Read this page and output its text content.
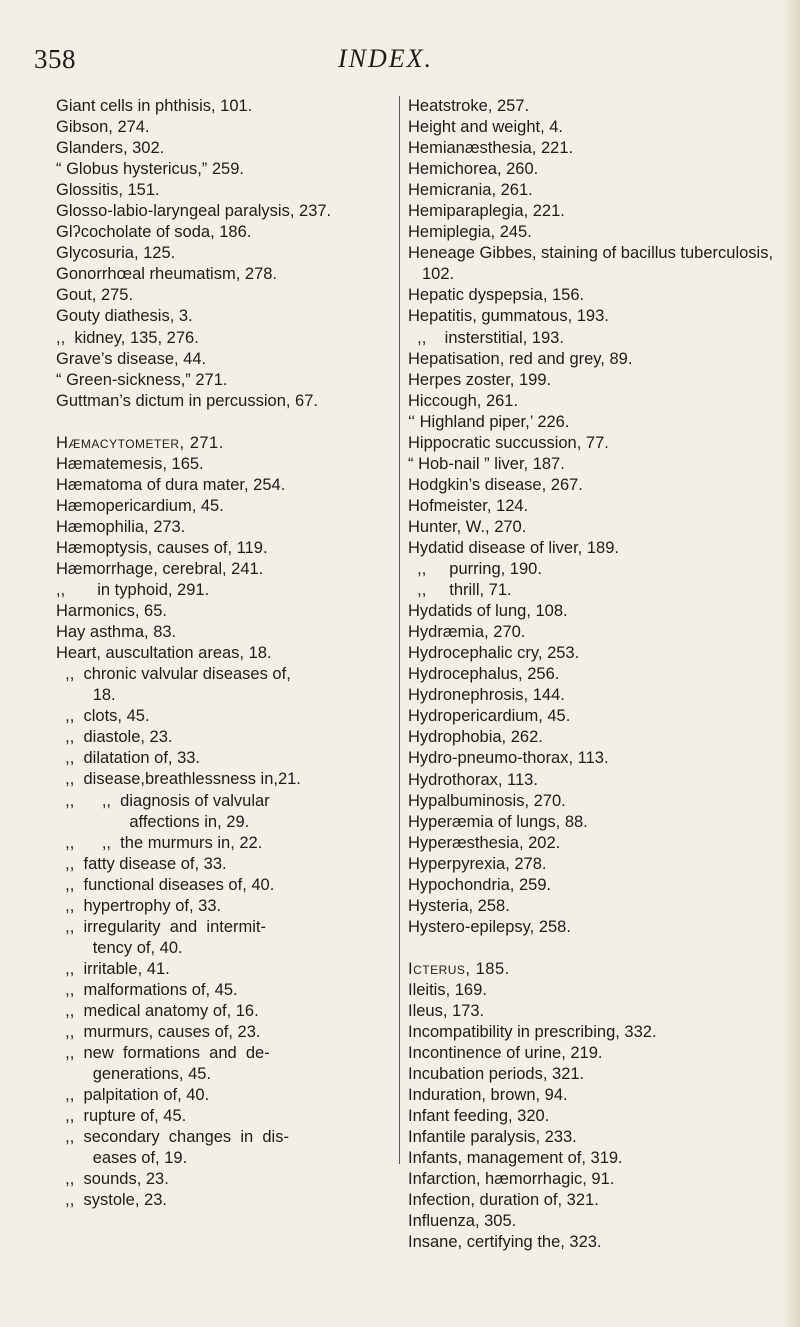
358	INDEX.

Giant cells in phthisis, 101.

Gibson, 274.

Glanders, 302.

“ Globus hystericus,” 259.

Glossitis, 151.

Glosso-labio-laryngeal paralysis, 237.

Glʔcocholate of soda, 186.

Glycosuria, 125.

Gonorrhœal rheumatism, 278.

Gout, 275.

Gouty diathesis, 3.

,,  kidney, 135, 276.

Grave’s disease, 44.

“ Green-sickness,” 271.

Guttman’s dictum in percussion, 67.

Hæmacytometer, 271.

Hæmatemesis, 165.

Hæmatoma of dura mater, 254.

Hæmopericardium, 45.

Hæmophilia, 273.

Hæmoptysis, causes of, 119.

Hæmorrhage, cerebral, 241.

,,       in typhoid, 291.

Harmonics, 65.

Hay asthma, 83.

Heart, auscultation areas, 18.

,,  chronic valvular diseases of,

18.

,,  clots, 45.

,,  diastole, 23.

,,  dilatation of, 33.

,,  disease,breathlessness in,21.

,,      ,,  diagnosis of valvular

affections in, 29.

,,      ,,  the murmurs in, 22.

,,  fatty disease of, 33.

,,  functional diseases of, 40.

,,  hypertrophy of, 33.

,,  irregularity  and  intermit-

tency of, 40.

,,  irritable, 41.

,,  malformations of, 45.

,,  medical anatomy of, 16.

,,  murmurs, causes of, 23.

,,  new  formations  and  de-

generations, 45.

,,  palpitation of, 40.

,,  rupture of, 45.

,,  secondary  changes  in  dis-

eases of, 19.

,,  sounds, 23.

,,  systole, 23.

Heatstroke, 257.

Height and weight, 4.

Hemianæsthesia, 221.

Hemichorea, 260.

Hemicrania, 261.

Hemiparaplegia, 221.

Hemiplegia, 245.

Heneage Gibbes, staining of bacillus tuberculosis, 102.

Hepatic dyspepsia, 156.

Hepatitis, gummatous, 193.

,,    insterstitial, 193.

Hepatisation, red and grey, 89.

Herpes zoster, 199.

Hiccough, 261.

‘‘ Highland piper,’ 226.

Hippocratic succussion, 77.

“ Hob-nail ” liver, 187.

Hodgkin’s disease, 267.

Hofmeister, 124.

Hunter, W., 270.

Hydatid disease of liver, 189.

,,     purring, 190.

,,     thrill, 71.

Hydatids of lung, 108.

Hydræmia, 270.

Hydrocephalic cry, 253.

Hydrocephalus, 256.

Hydronephrosis, 144.

Hydropericardium, 45.

Hydrophobia, 262.

Hydro-pneumo-thorax, 113.

Hydrothorax, 113.

Hypalbuminosis, 270.

Hyperæmia of lungs, 88.

Hyperæsthesia, 202.

Hyperpyrexia, 278.

Hypochondria, 259.

Hysteria, 258.

Hystero-epilepsy, 258.

Icterus, 185.

Ileitis, 169.

Ileus, 173.

Incompatibility in prescribing, 332.

Incontinence of urine, 219.

Incubation periods, 321.

Induration, brown, 94.

Infant feeding, 320.

Infantile paralysis, 233.

Infants, management of, 319.

Infarction, hæmorrhagic, 91.

Infection, duration of, 321.

Influenza, 305.

Insane, certifying the, 323.
